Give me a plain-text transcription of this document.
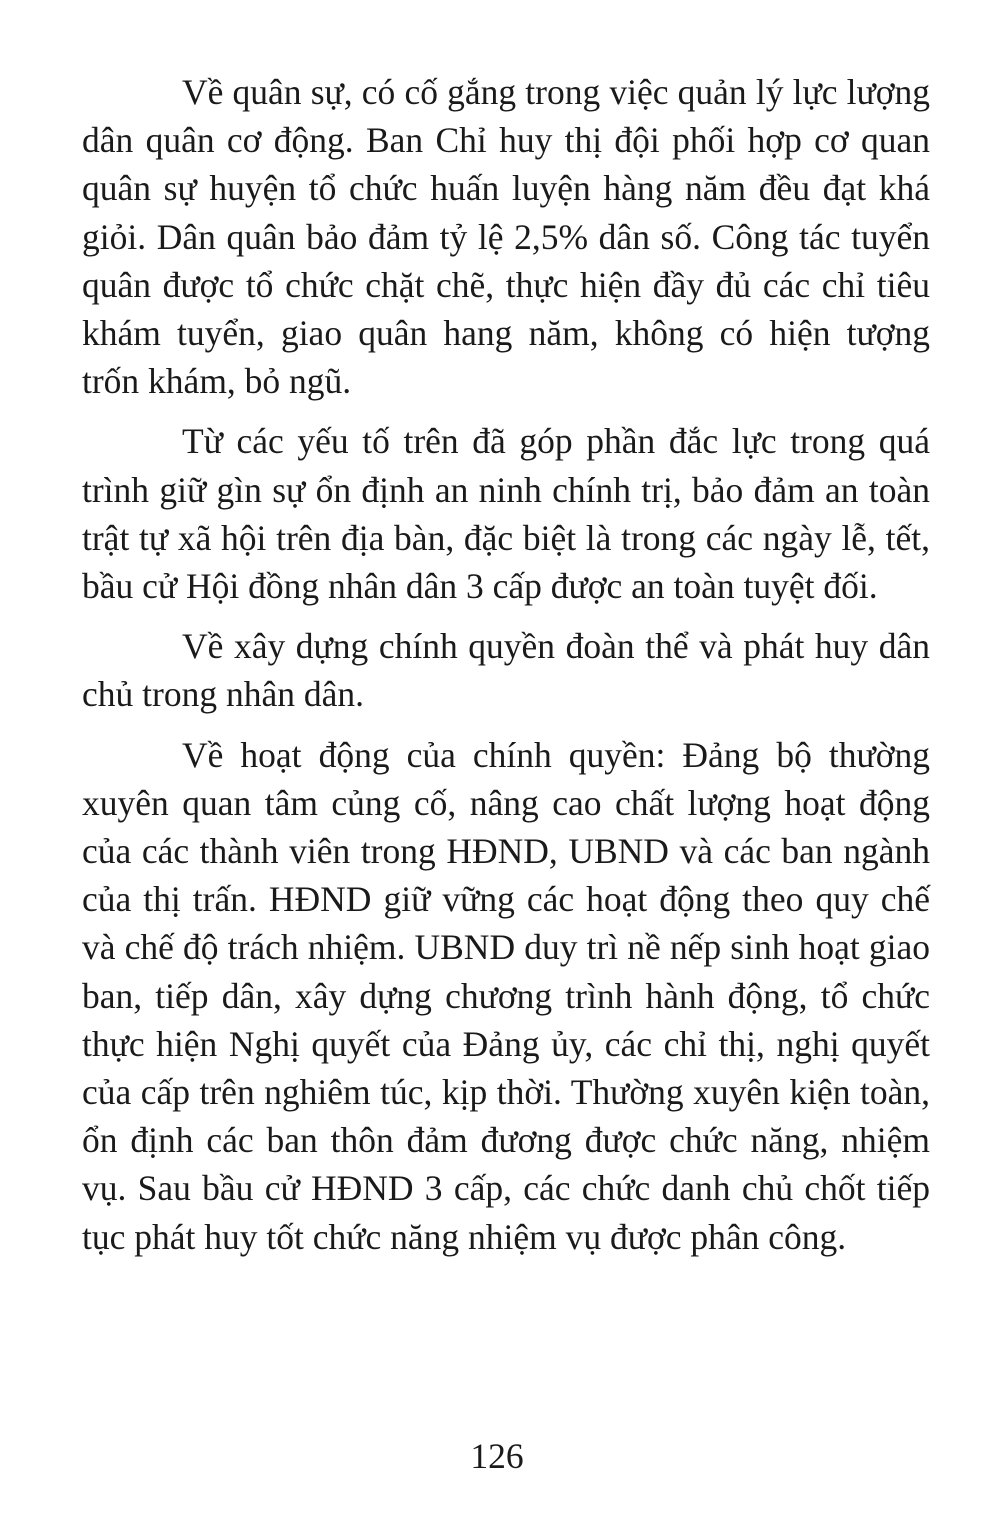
Về quân sự, có cố gắng trong việc quản lý lực lượng dân quân cơ động. Ban Chỉ huy thị đội phối hợp cơ quan quân sự huyện tổ chức huấn luyện hàng năm đều đạt khá giỏi. Dân quân bảo đảm tỷ lệ 2,5% dân số. Công tác tuyển quân được tổ chức chặt chẽ, thực hiện đầy đủ các chỉ tiêu khám tuyển, giao quân hang năm, không có hiện tượng trốn khám, bỏ ngũ.

Từ các yếu tố trên đã góp phần đắc lực trong quá trình giữ gìn sự ổn định an ninh chính trị, bảo đảm an toàn trật tự xã hội trên địa bàn, đặc biệt là trong các ngày lễ, tết, bầu cử Hội đồng nhân dân 3 cấp được an toàn tuyệt đối.

Về xây dựng chính quyền đoàn thể và phát huy dân chủ trong nhân dân.

Về hoạt động của chính quyền: Đảng bộ thường xuyên quan tâm củng cố, nâng cao chất lượng hoạt động của các thành viên trong HĐND, UBND và các ban ngành của thị trấn. HĐND giữ vững các hoạt động theo quy chế và chế độ trách nhiệm. UBND duy trì nề nếp sinh hoạt giao ban, tiếp dân, xây dựng chương trình hành động, tổ chức thực hiện Nghị quyết của Đảng ủy, các chỉ thị, nghị quyết của cấp trên nghiêm túc, kịp thời. Thường xuyên kiện toàn, ổn định các ban thôn đảm đương được chức năng, nhiệm vụ. Sau bầu cử HĐND 3 cấp, các chức danh chủ chốt tiếp tục phát huy tốt chức năng nhiệm vụ được phân công.

126
